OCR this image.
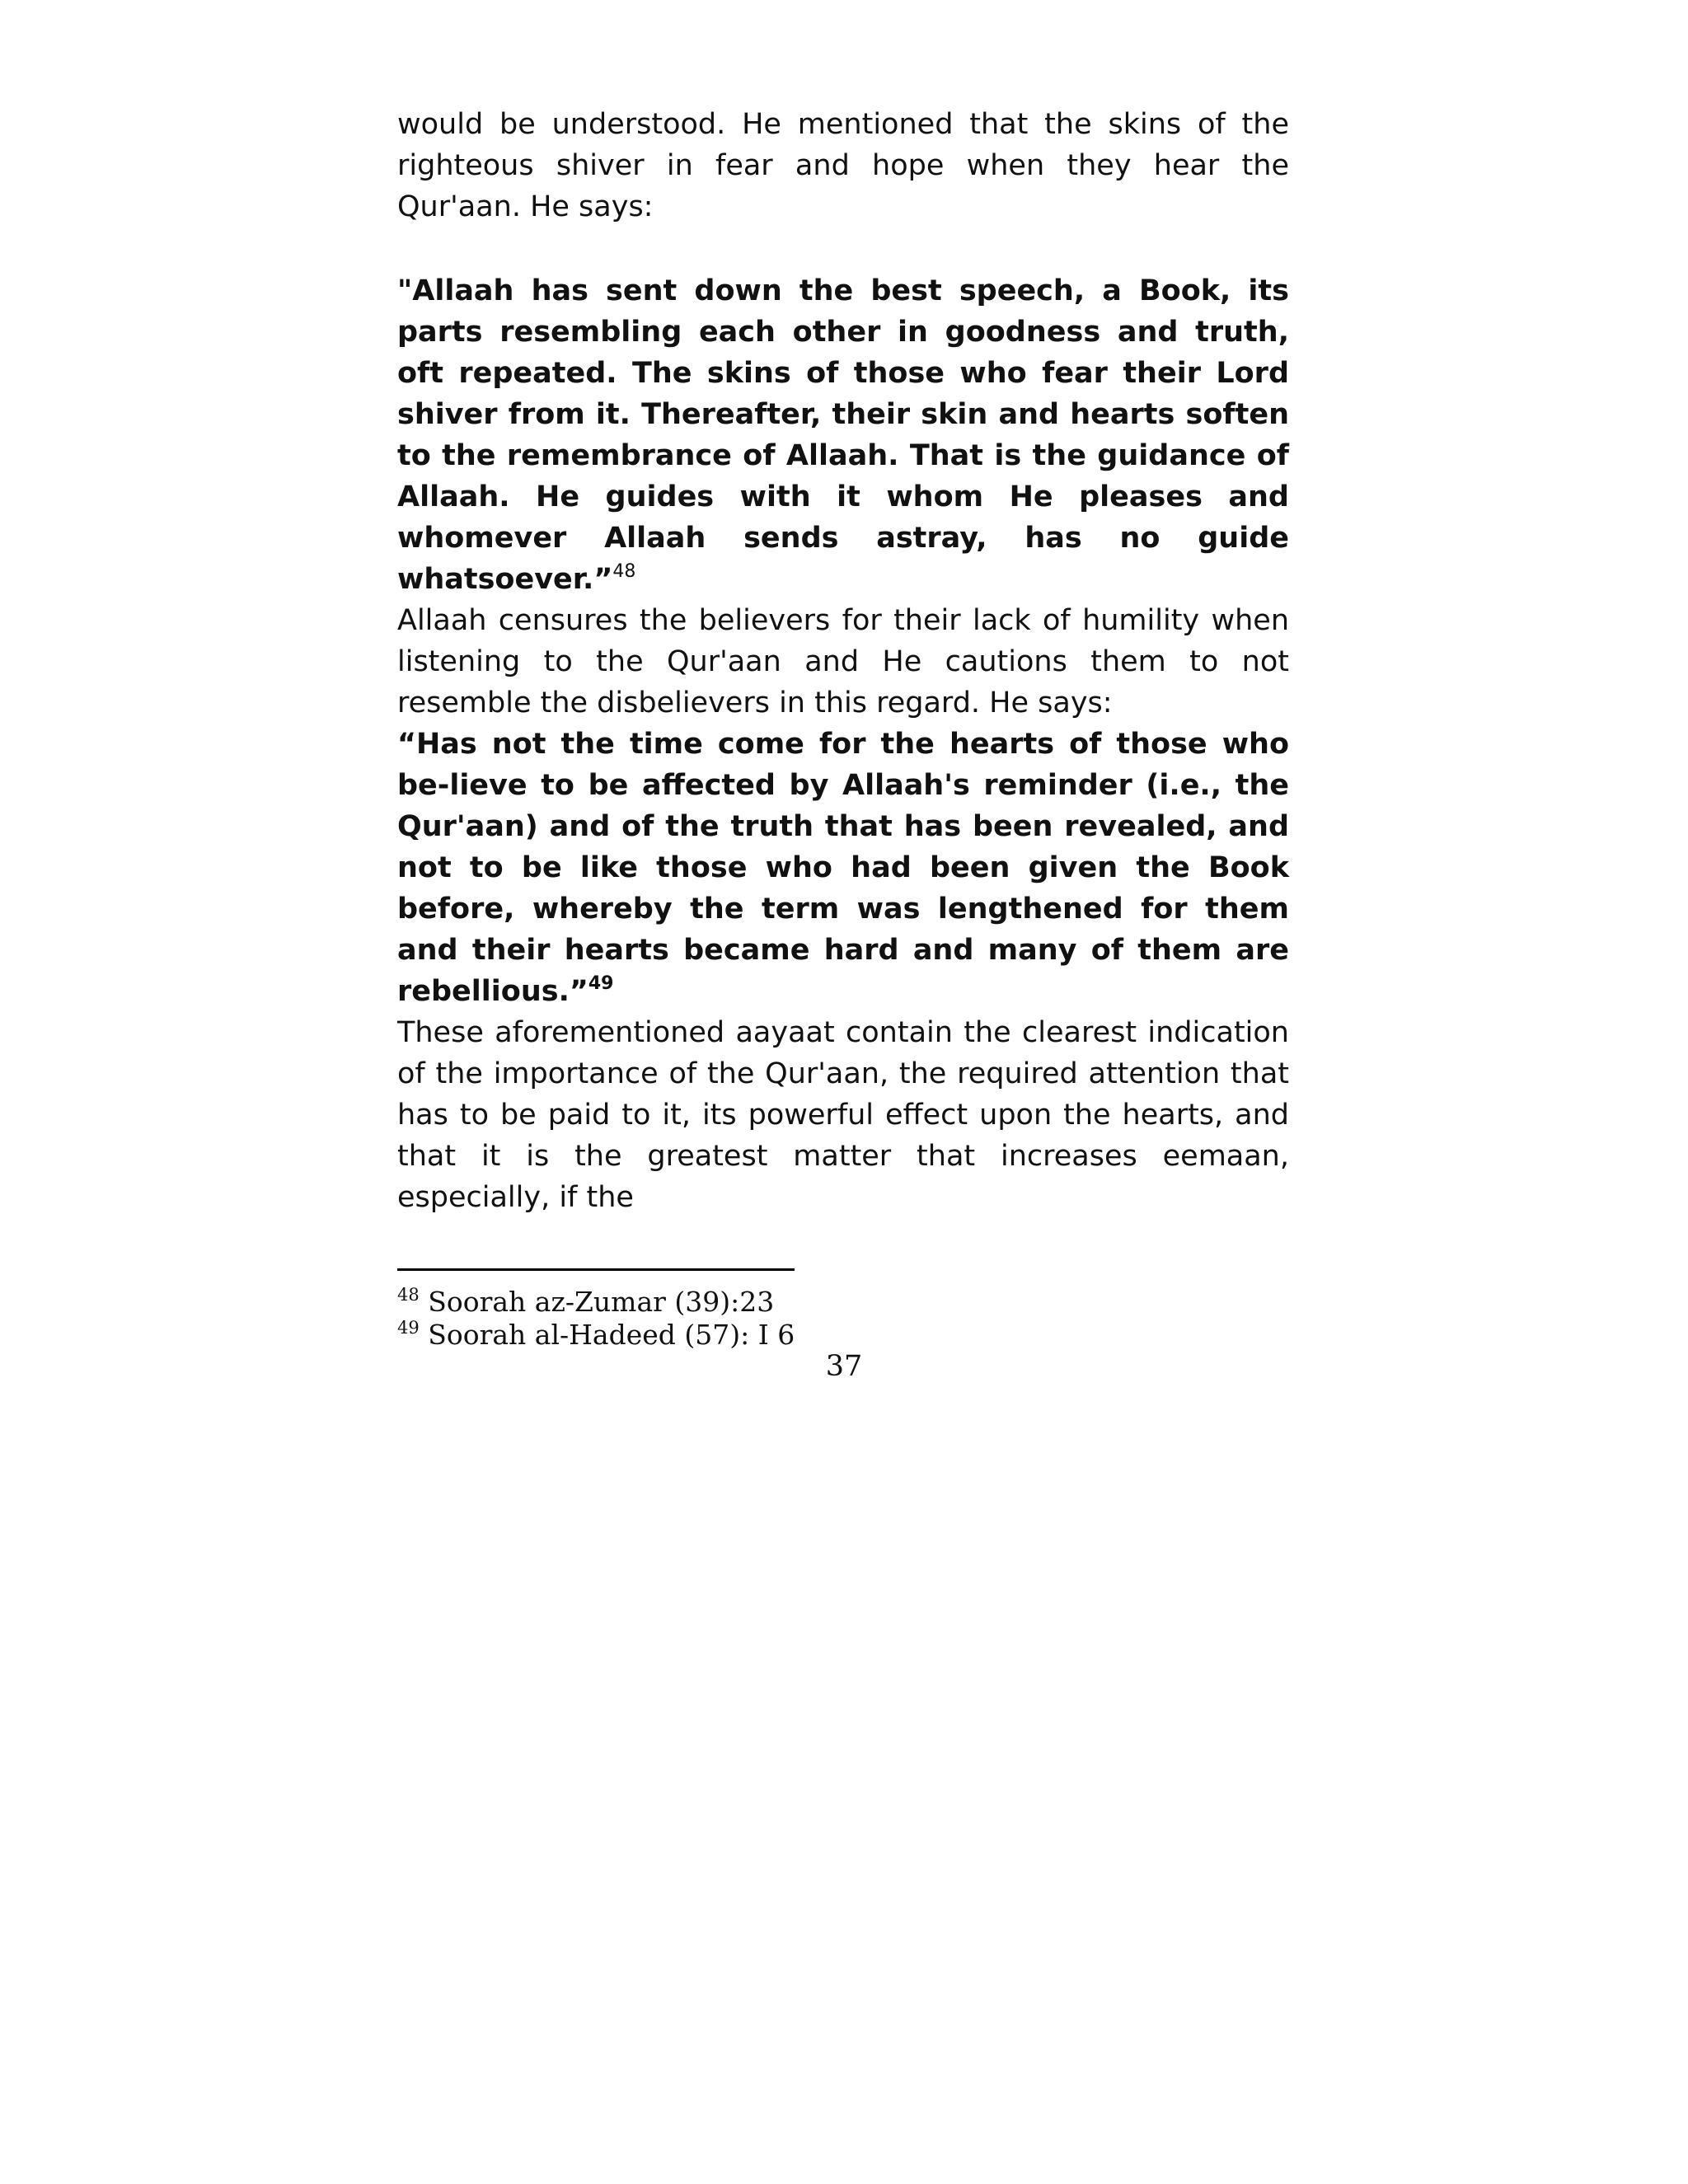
would be understood. He mentioned that the skins of the righteous shiver in fear and hope when they hear the Qur'aan. He says:

"Allaah has sent down the best speech, a Book, its parts resembling each other in goodness and truth, oft repeated. The skins of those who fear their Lord shiver from it. Thereafter, their skin and hearts soften to the remembrance of Allaah. That is the guidance of Allaah. He guides with it whom He pleases and whomever Allaah sends astray, has no guide whatsoever.”$^{48}$

Allaah censures the believers for their lack of humility when listening to the Qur'aan and He cautions them to not resemble the disbelievers in this regard. He says:

“Has not the time come for the hearts of those who be-lieve to be affected by Allaah's reminder (i.e., the Qur'aan) and of the truth that has been revealed, and not to be like those who had been given the Book before, whereby the term was lengthened for them and their hearts became hard and many of them are rebellious.”$^{49}$

These aforementioned aayaat contain the clearest indication of the importance of the Qur'aan, the required attention that has to be paid to it, its powerful effect upon the hearts, and that it is the greatest matter that increases eemaan, especially, if the

$^{48}$ Soorah az-Zumar (39):23
$^{49}$ Soorah al-Hadeed (57): I 6
37
